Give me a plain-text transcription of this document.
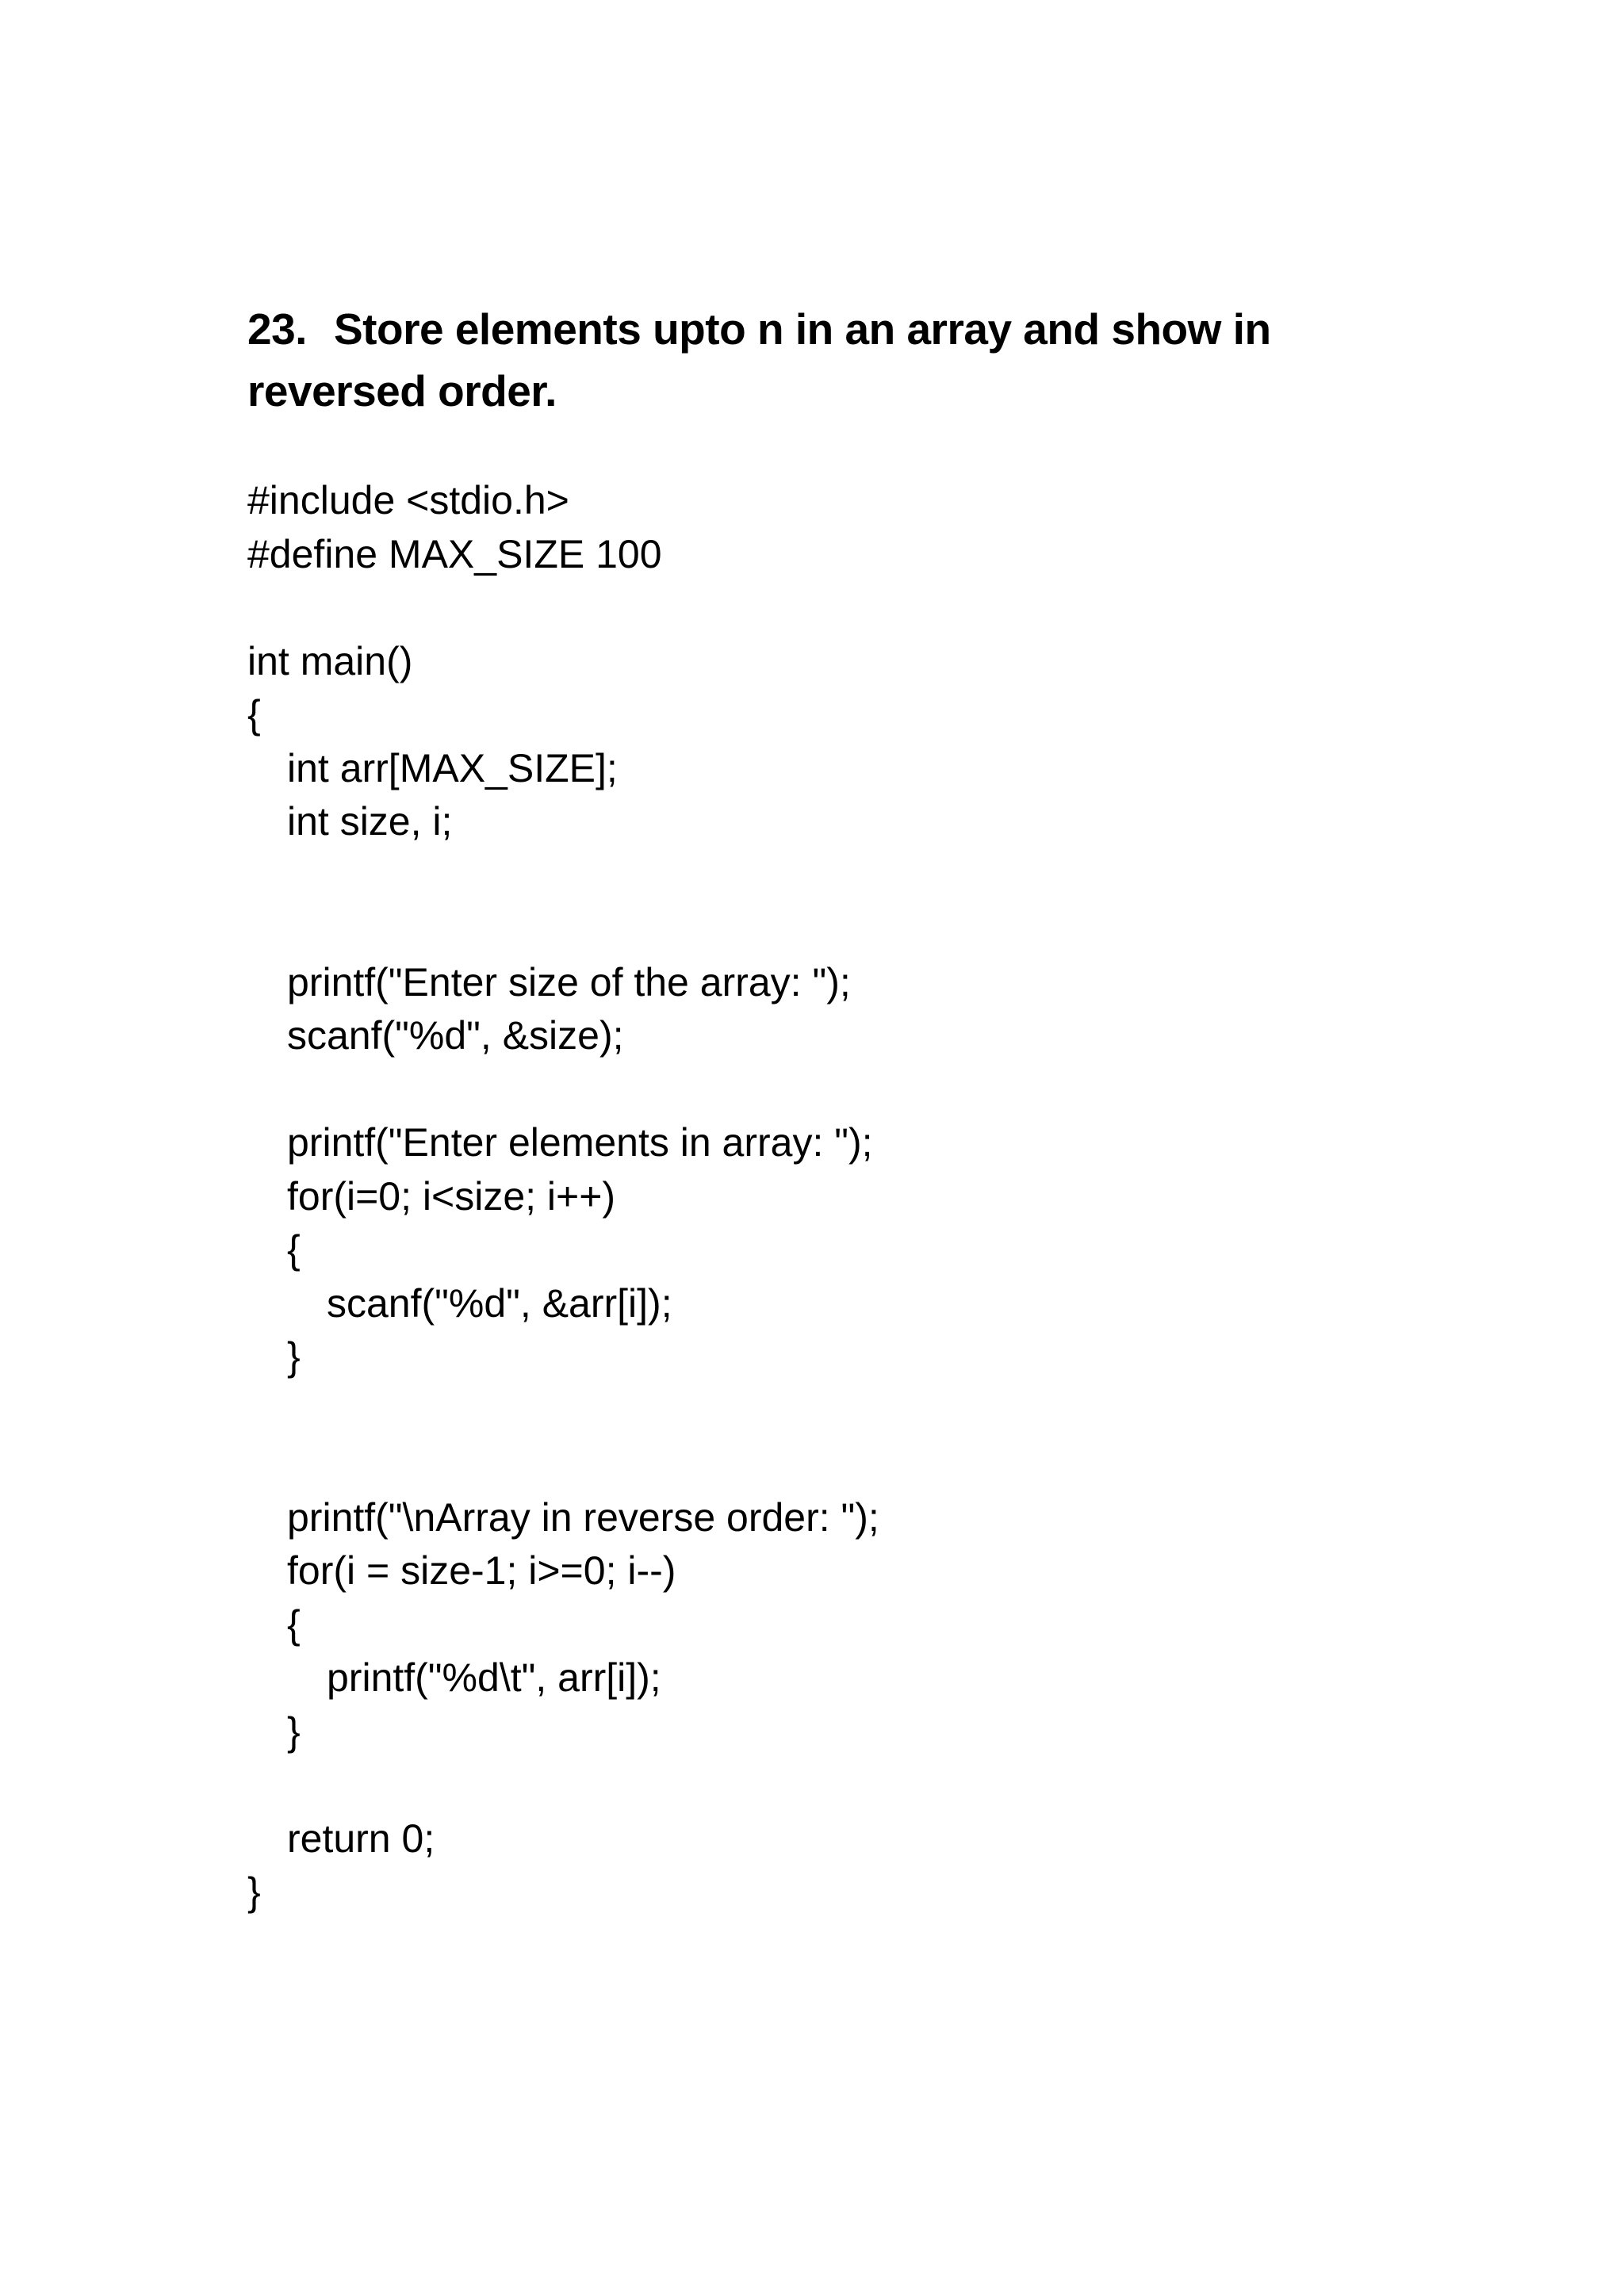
23. Store elements upto n in an array and show in
reversed order.
#include <stdio.h>
#define MAX_SIZE 100
int main()
{
int arr[MAX_SIZE];
int size, i;
printf("Enter size of the array: ");
scanf("%d", &size);
printf("Enter elements in array: ");
for(i=0; i<size; i++)
{
scanf("%d", &arr[i]);
}
printf("\nArray in reverse order: ");
for(i = size-1; i>=0; i--)
{
printf("%d\t", arr[i]);
}
return 0;
}
